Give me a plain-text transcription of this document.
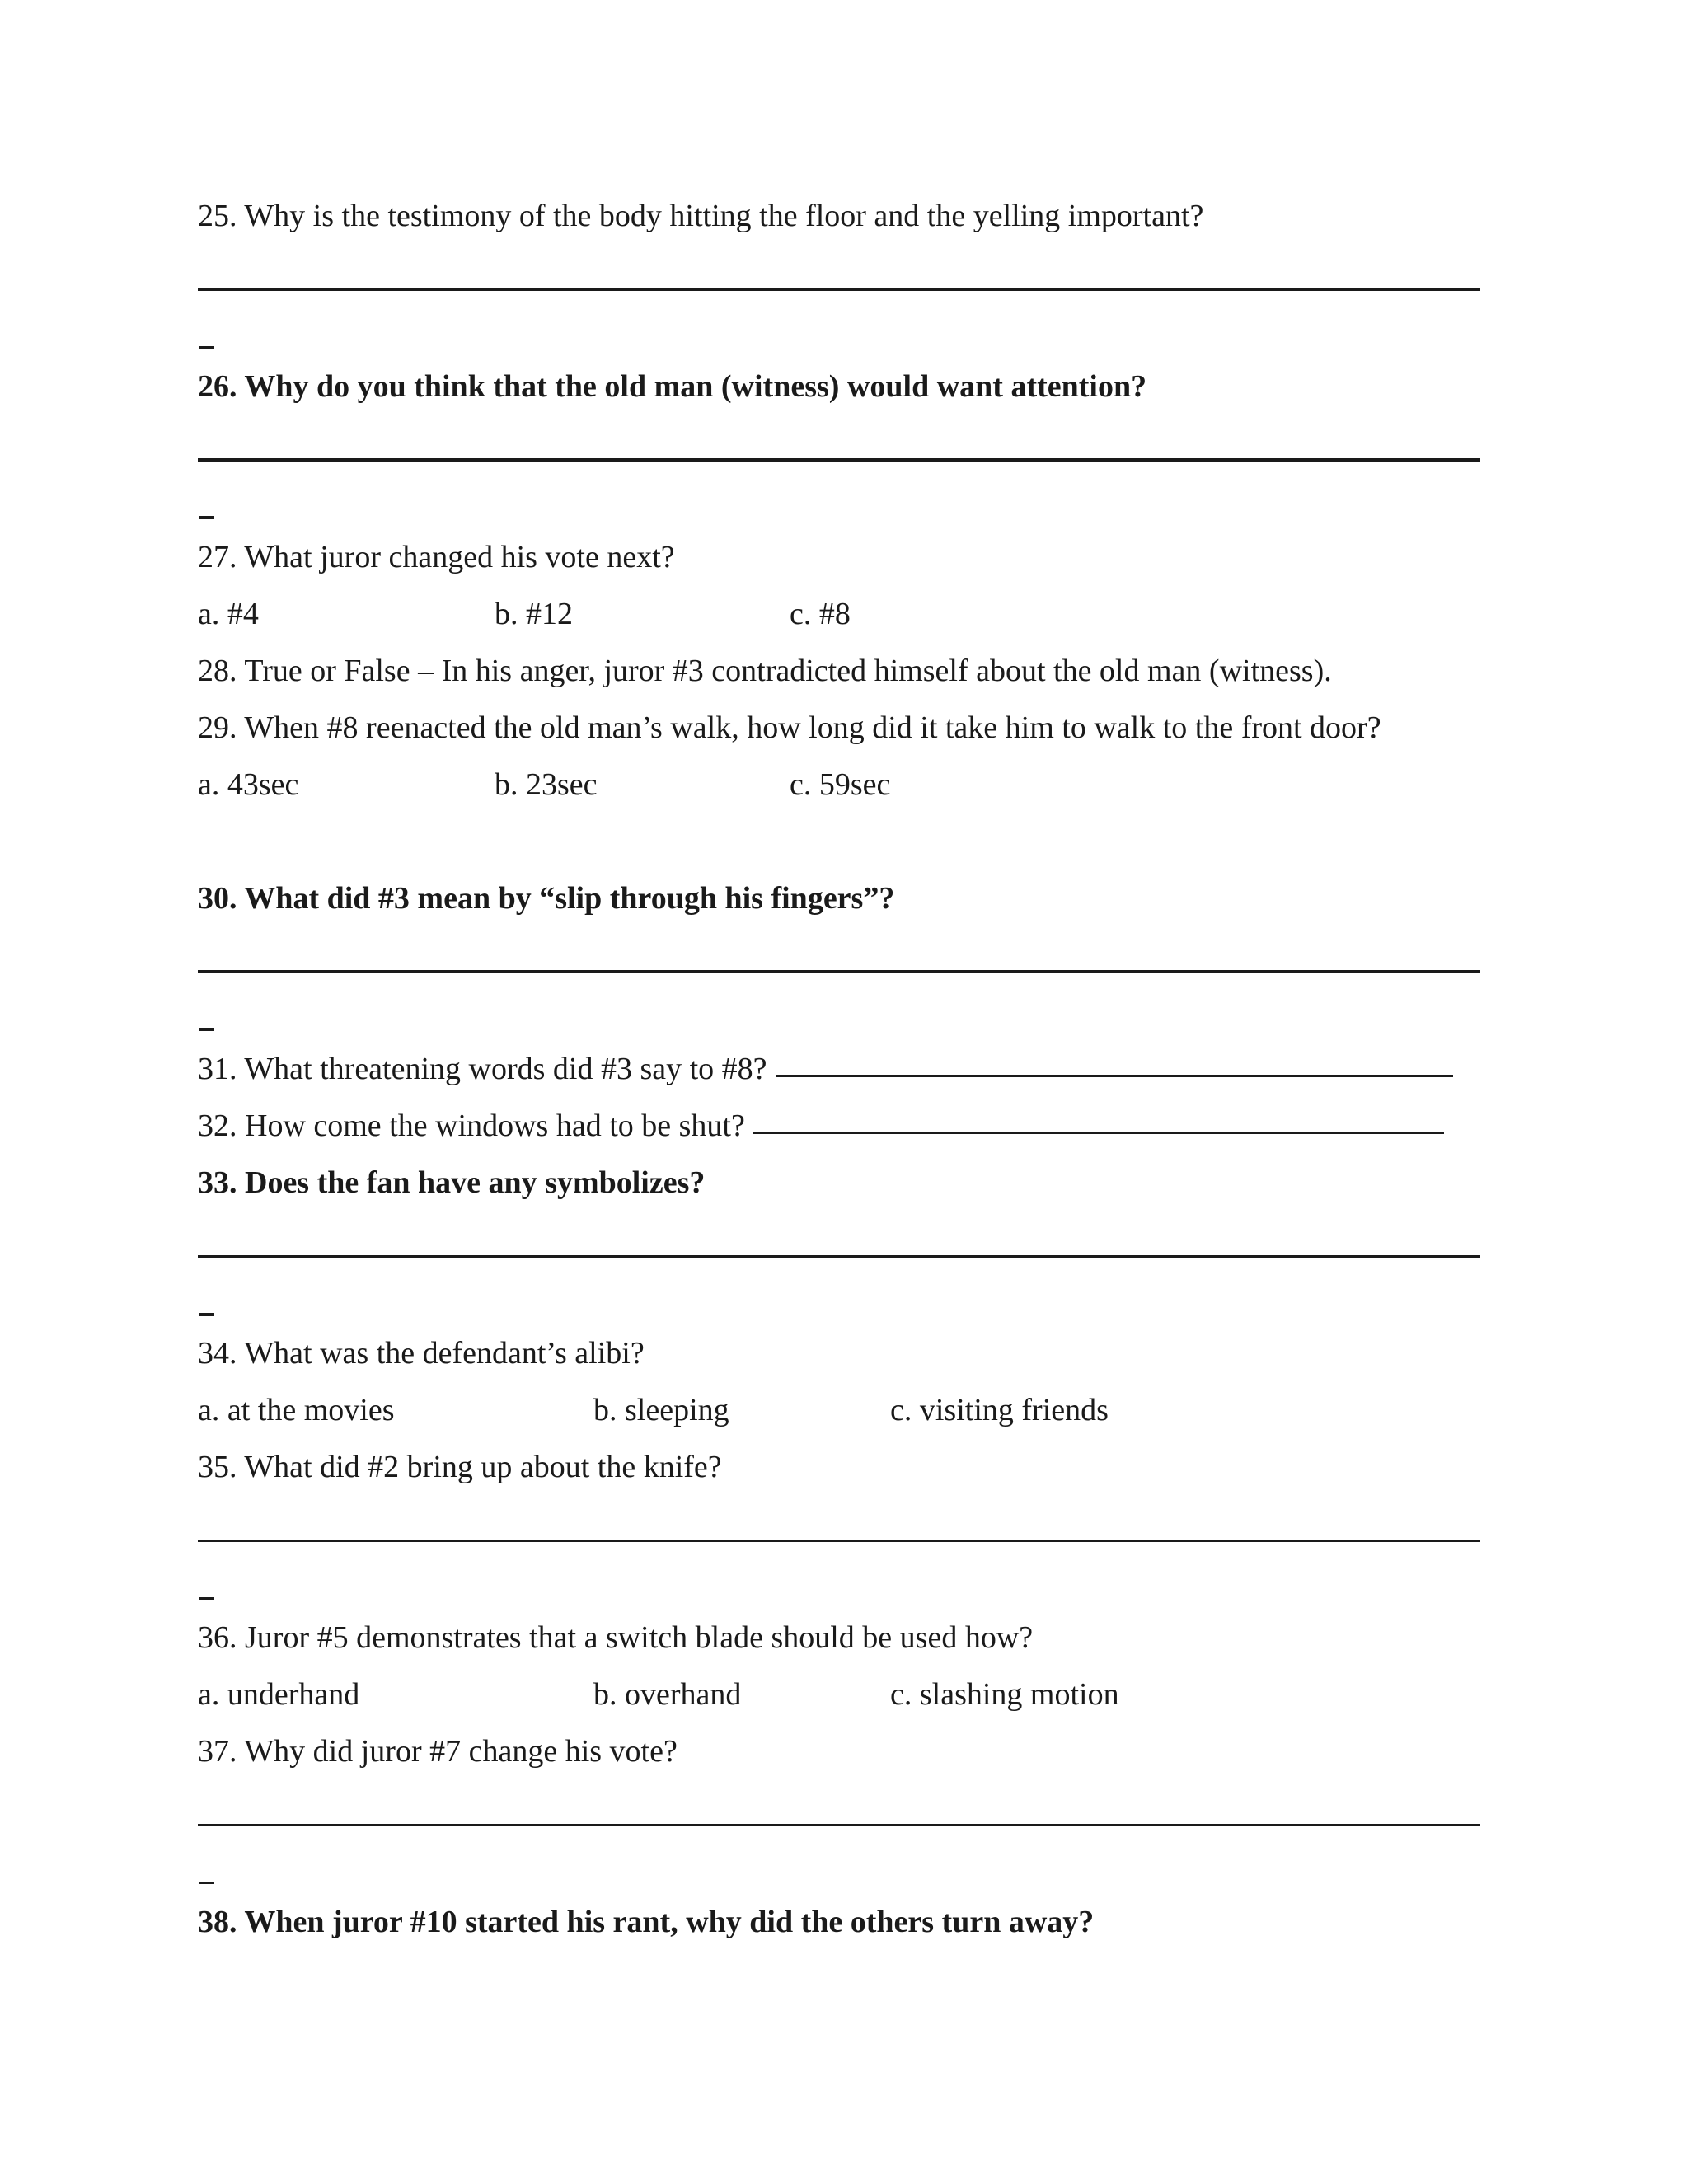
25. Why is the testimony of the body hitting the floor and the yelling important?
26. Why do you think that the old man (witness) would want attention?
27. What juror changed his vote next?
a. #4	b. #12	c. #8
28. True or False – In his anger, juror #3 contradicted himself about the old man (witness).
29. When #8 reenacted the old man’s walk, how long did it take him to walk to the front door?
a. 43sec	b. 23sec	c. 59sec
30. What did #3 mean by “slip through his fingers”?
31. What threatening words did #3 say to #8?
32. How come the windows had to be shut?
33. Does the fan have any symbolizes?
34. What was the defendant’s alibi?
a. at the movies	b. sleeping	c. visiting friends
35. What did #2 bring up about the knife?
36. Juror #5 demonstrates that a switch blade should be used how?
a. underhand	b. overhand	c. slashing motion
37. Why did juror #7 change his vote?
38. When juror #10 started his rant, why did the others turn away?
